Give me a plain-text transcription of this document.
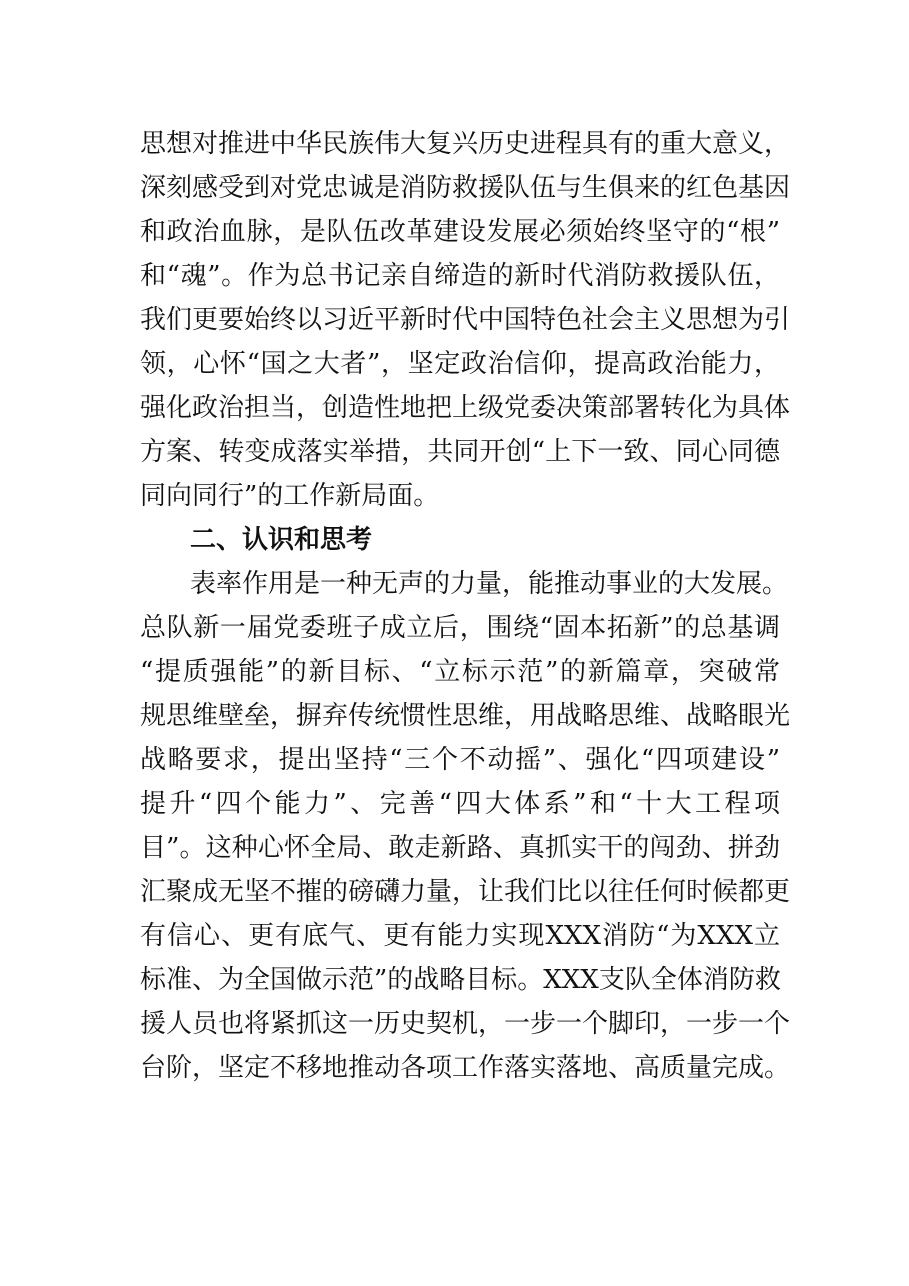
思想对推进中华民族伟大复兴历史进程具有的重大意义，
深刻感受到对党忠诚是消防救援队伍与生俱来的红色基因
和政治血脉，是队伍改革建设发展必须始终坚守的“根”
和“魂”。作为总书记亲自缔造的新时代消防救援队伍，
我们更要始终以习近平新时代中国特色社会主义思想为引
领，心怀“国之大者”，坚定政治信仰，提高政治能力，
强化政治担当，创造性地把上级党委决策部署转化为具体
方案、转变成落实举措，共同开创“上下一致、同心同德
同向同行”的工作新局面。
二、认识和思考
表率作用是一种无声的力量，能推动事业的大发展。
总队新一届党委班子成立后，围绕“固本拓新”的总基调
“提质强能”的新目标、“立标示范”的新篇章，突破常
规思维壁垒，摒弃传统惯性思维，用战略思维、战略眼光
战略要求，提出坚持“三个不动摇”、强化“四项建设”
提升“四个能力”、完善“四大体系”和“十大工程项
目”。这种心怀全局、敢走新路、真抓实干的闯劲、拼劲
汇聚成无坚不摧的磅礴力量，让我们比以往任何时候都更
有信心、更有底气、更有能力实现XXX消防“为XXX立
标准、为全国做示范”的战略目标。XXX支队全体消防救
援人员也将紧抓这一历史契机，一步一个脚印，一步一个
台阶，坚定不移地推动各项工作落实落地、高质量完成。
